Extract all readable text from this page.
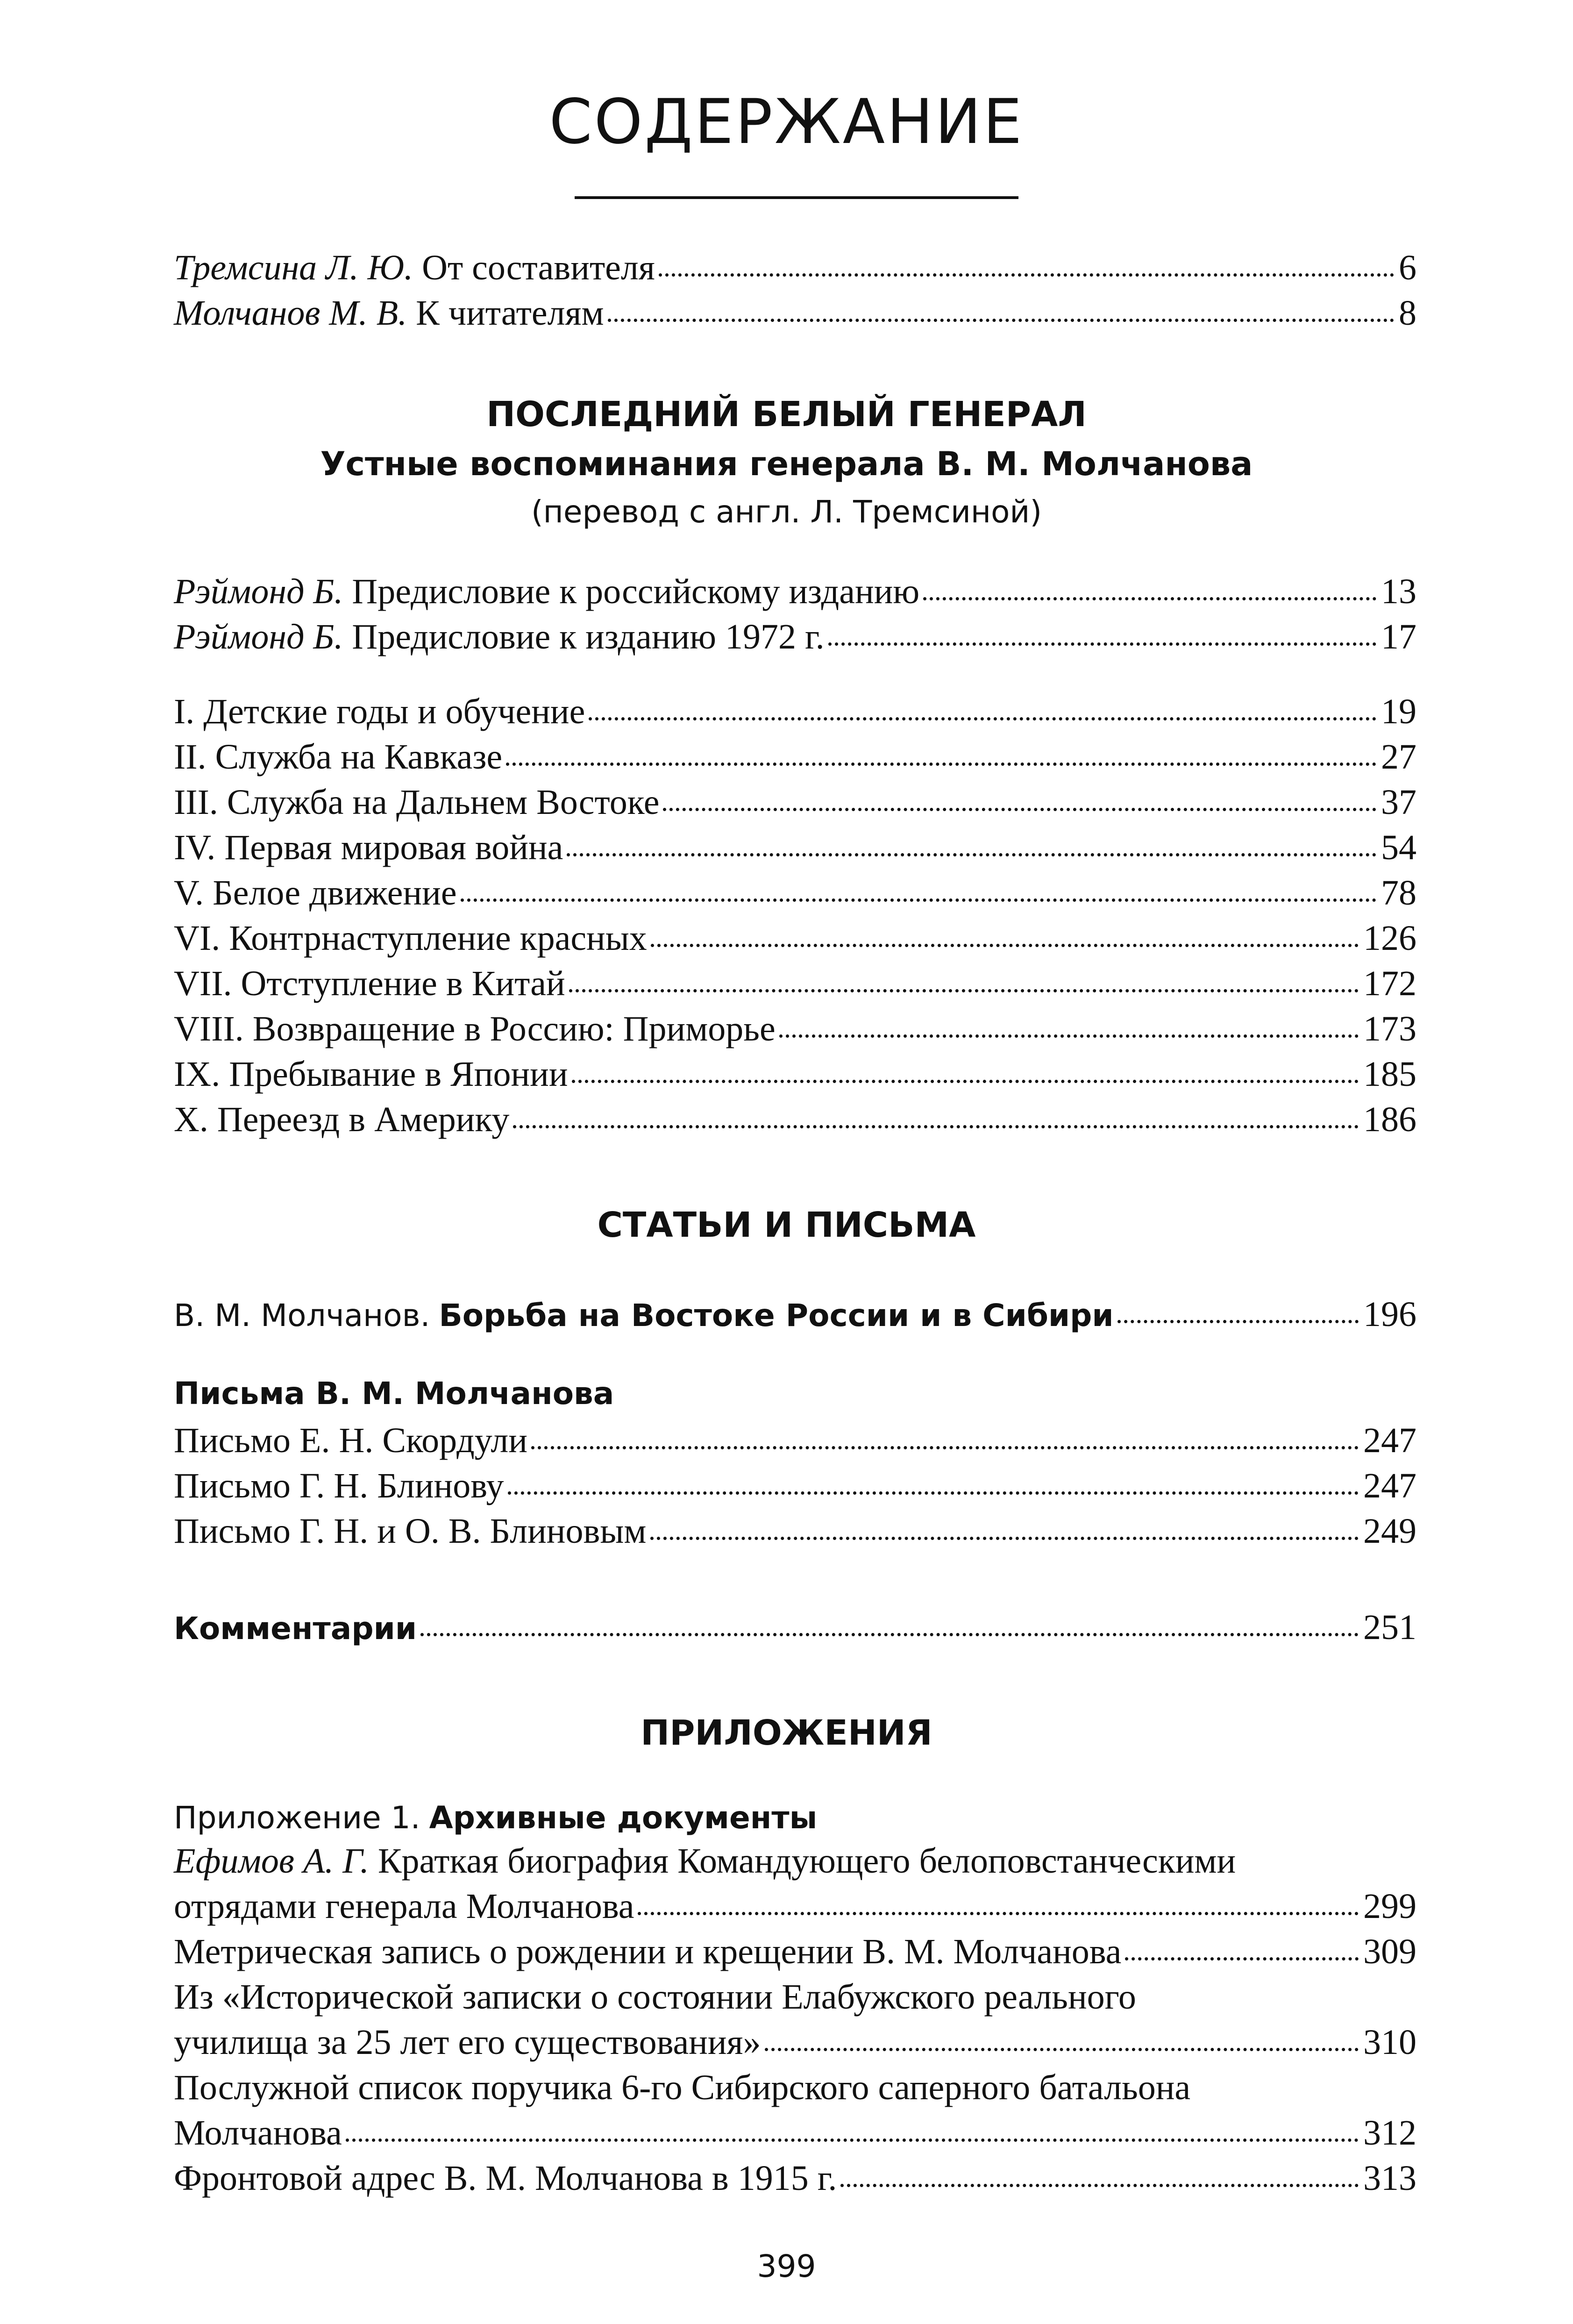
СОДЕРЖАНИЕ
Тремсина Л. Ю. От составителя	6
Молчанов М. В. К читателям	8
ПОСЛЕДНИЙ БЕЛЫЙ ГЕНЕРАЛ
Устные воспоминания генерала В. М. Молчанова
(перевод с англ. Л. Тремсиной)
Рэймонд Б. Предисловие к российскому изданию	13
Рэймонд Б. Предисловие к изданию 1972 г.	17
I. Детские годы и обучение	19
II. Служба на Кавказе	27
III. Служба на Дальнем Востоке	37
IV. Первая мировая война	54
V. Белое движение	78
VI. Контрнаступление красных	126
VII. Отступление в Китай	172
VIII. Возвращение в Россию: Приморье	173
IX. Пребывание в Японии	185
X. Переезд в Америку	186
СТАТЬИ И ПИСЬМА
В. М. Молчанов. Борьба на Востоке России и в Сибири	196
Письма В. М. Молчанова
Письмо Е. Н. Скордули	247
Письмо Г. Н. Блинову	247
Письмо Г. Н. и О. В. Блиновым	249
Комментарии	251
ПРИЛОЖЕНИЯ
Приложение 1. Архивные документы
Ефимов А. Г. Краткая биография Командующего белоповстанческими
отрядами генерала Молчанова	299
Метрическая запись о рождении и крещении В. М. Молчанова	309
Из «Исторической записки о состоянии Елабужского реального
училища за 25 лет его существования»	310
Послужной список поручика 6-го Сибирского саперного батальона
Молчанова	312
Фронтовой адрес В. М. Молчанова в 1915 г.	313
399
